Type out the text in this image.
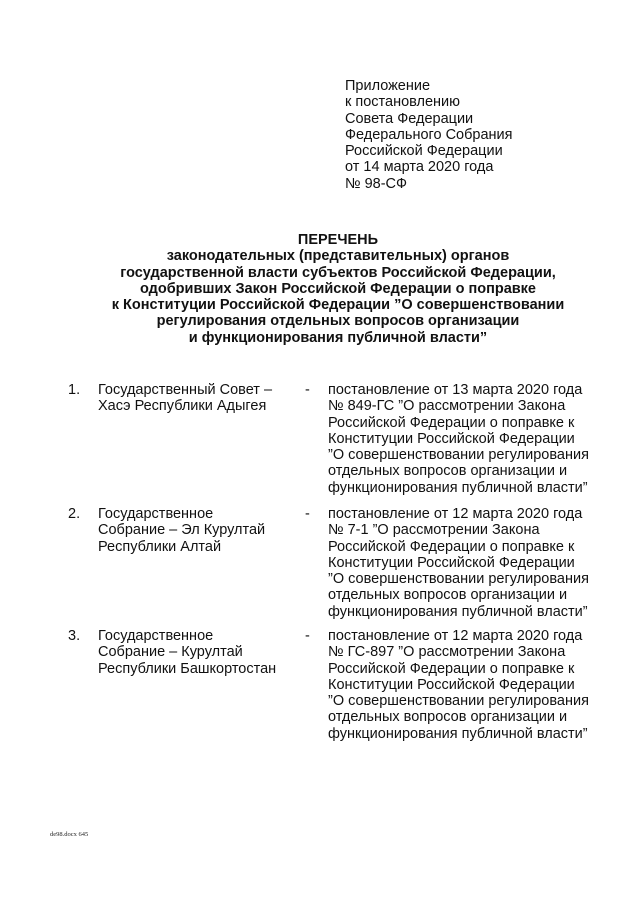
Приложение
к постановлению
Совета Федерации
Федерального Собрания
Российской Федерации
от 14 марта 2020 года
№ 98-СФ
ПЕРЕЧЕНЬ
законодательных (представительных) органов
государственной власти субъектов Российской Федерации,
одобривших Закон Российской Федерации о поправке
к Конституции Российской Федерации ”О совершенствовании
регулирования отдельных вопросов организации
и функционирования публичной власти”
1. Государственный Совет –
Хасэ Республики Адыгея
- постановление от 13 марта 2020 года
№ 849-ГС ”О рассмотрении Закона
Российской Федерации о поправке к
Конституции Российской Федерации
”О совершенствовании регулирования
отдельных вопросов организации и
функционирования публичной власти”
2. Государственное
Собрание – Эл Курултай
Республики Алтай
- постановление от 12 марта 2020 года
№ 7-1 ”О рассмотрении Закона
Российской Федерации о поправке к
Конституции Российской Федерации
”О совершенствовании регулирования
отдельных вопросов организации и
функционирования публичной власти”
3. Государственное
Собрание – Курултай
Республики Башкортостан
- постановление от 12 марта 2020 года
№ ГС-897 ”О рассмотрении Закона
Российской Федерации о поправке к
Конституции Российской Федерации
”О совершенствовании регулирования
отдельных вопросов организации и
функционирования публичной власти”
de98.docx 645
